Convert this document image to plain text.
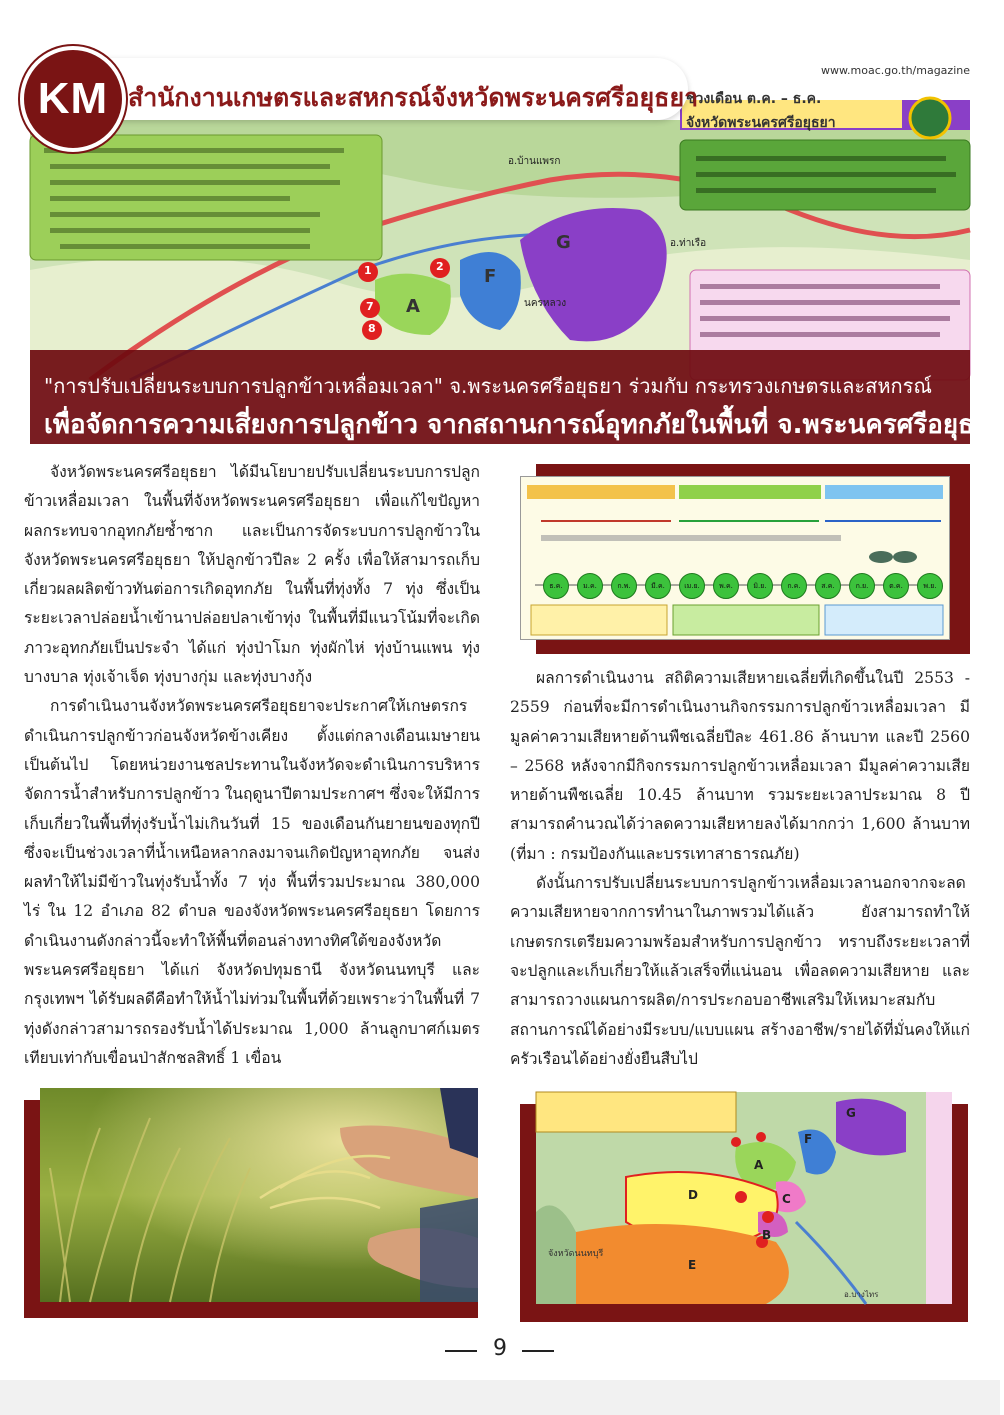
www.moac.go.th/magazine
ช่วงเดือน ต.ค. – ธ.ค.
จังหวัดพระนครศรีอยุธยา
อ.บ้านแพรก
อ.ท่าเรือ
นครหลวง
A
F
G
1	2
7
8
สำนักงานเกษตรและสหกรณ์จังหวัดพระนครศรีอยุธยา
KM
"การปรับเปลี่ยนระบบการปลูกข้าวเหลื่อมเวลา" จ.พระนครศรีอยุธยา ร่วมกับ กระทรวงเกษตรและสหกรณ์
เพื่อจัดการความเสี่ยงการปลูกข้าว จากสถานการณ์อุทกภัยในพื้นที่ จ.พระนครศรีอยุธยา

จังหวัดพระนครศรีอยุธยา ได้มีนโยบายปรับเปลี่ยนระบบการปลูกข้าวเหลื่อมเวลา ในพื้นที่จังหวัดพระนครศรีอยุธยา เพื่อแก้ไขปัญหาผลกระทบจากอุทกภัยซ้ำซาก และเป็นการจัดระบบการปลูกข้าวในจังหวัดพระนครศรีอยุธยา ให้ปลูกข้าวปีละ 2 ครั้ง เพื่อให้สามารถเก็บเกี่ยวผลผลิตข้าวทันต่อการเกิดอุทกภัย ในพื้นที่ทุ่งทั้ง 7 ทุ่ง ซึ่งเป็นระยะเวลาปล่อยน้ำเข้านาปล่อยปลาเข้าทุ่ง ในพื้นที่มีแนวโน้มที่จะเกิดภาวะอุทกภัยเป็นประจำ ได้แก่ ทุ่งป่าโมก ทุ่งผักไห่ ทุ่งบ้านแพน ทุ่งบางบาล ทุ่งเจ้าเจ็ด ทุ่งบางกุ่ม และทุ่งบางกุ้ง

การดำเนินงานจังหวัดพระนครศรีอยุธยาจะประกาศให้เกษตรกรดำเนินการปลูกข้าวก่อนจังหวัดข้างเคียง ตั้งแต่กลางเดือนเมษายนเป็นต้นไป โดยหน่วยงานชลประทานในจังหวัดจะดำเนินการบริหารจัดการน้ำสำหรับการปลูกข้าว ในฤดูนาปีตามประกาศฯ ซึ่งจะให้มีการเก็บเกี่ยวในพื้นที่ทุ่งรับน้ำไม่เกินวันที่ 15 ของเดือนกันยายนของทุกปี ซึ่งจะเป็นช่วงเวลาที่น้ำเหนือหลากลงมาจนเกิดปัญหาอุทกภัย จนส่งผลทำให้ไม่มีข้าวในทุ่งรับน้ำทั้ง 7 ทุ่ง พื้นที่รวมประมาณ 380,000 ไร่ ใน 12 อำเภอ 82 ตำบล ของจังหวัดพระนครศรีอยุธยา โดยการดำเนินงานดังกล่าวนี้จะทำให้พื้นที่ตอนล่างทางทิศใต้ของจังหวัดพระนครศรีอยุธยา ได้แก่ จังหวัดปทุมธานี จังหวัดนนทบุรี และกรุงเทพฯ ได้รับผลดีคือทำให้น้ำไม่ท่วมในพื้นที่ด้วยเพราะว่าในพื้นที่ 7 ทุ่งดังกล่าวสามารถรองรับน้ำได้ประมาณ 1,000 ล้านลูกบาศก์เมตร เทียบเท่ากับเขื่อนป่าสักชลสิทธิ์ 1 เขื่อน

ธ.ค.	ม.ค.	ก.พ.	มี.ค.	เม.ย.	พ.ค.	มิ.ย.	ก.ค.	ส.ค.	ก.ย.	ต.ค.	พ.ย.

ผลการดำเนินงาน สถิติความเสียหายเฉลี่ยที่เกิดขึ้นในปี 2553 - 2559 ก่อนที่จะมีการดำเนินงานกิจกรรมการปลูกข้าวเหลื่อมเวลา มีมูลค่าความเสียหายด้านพืชเฉลี่ยปีละ 461.86 ล้านบาท และปี 2560 – 2568 หลังจากมีกิจกรรมการปลูกข้าวเหลื่อมเวลา มีมูลค่าความเสียหายด้านพืชเฉลี่ย 10.45 ล้านบาท รวมระยะเวลาประมาณ 8 ปี สามารถคำนวณได้ว่าลดความเสียหายลงได้มากกว่า 1,600 ล้านบาท (ที่มา : กรมป้องกันและบรรเทาสาธารณภัย)

ดังนั้นการปรับเปลี่ยนระบบการปลูกข้าวเหลื่อมเวลานอกจากจะลดความเสียหายจากการทำนาในภาพรวมได้แล้ว ยังสามารถทำให้เกษตรกรเตรียมความพร้อมสำหรับการปลูกข้าว ทราบถึงระยะเวลาที่จะปลูกและเก็บเกี่ยวให้แล้วเสร็จที่แน่นอน เพื่อลดความเสียหาย และสามารถวางแผนการผลิต/การประกอบอาชีพเสริมให้เหมาะสมกับสถานการณ์ได้อย่างมีระบบ/แบบแผน สร้างอาชีพ/รายได้ที่มั่นคงให้แก่ครัวเรือนได้อย่างยั่งยืนสืบไป

A
B
C
D
E
F
G
จังหวัดนนทบุรี
อ.บางไทร
9
